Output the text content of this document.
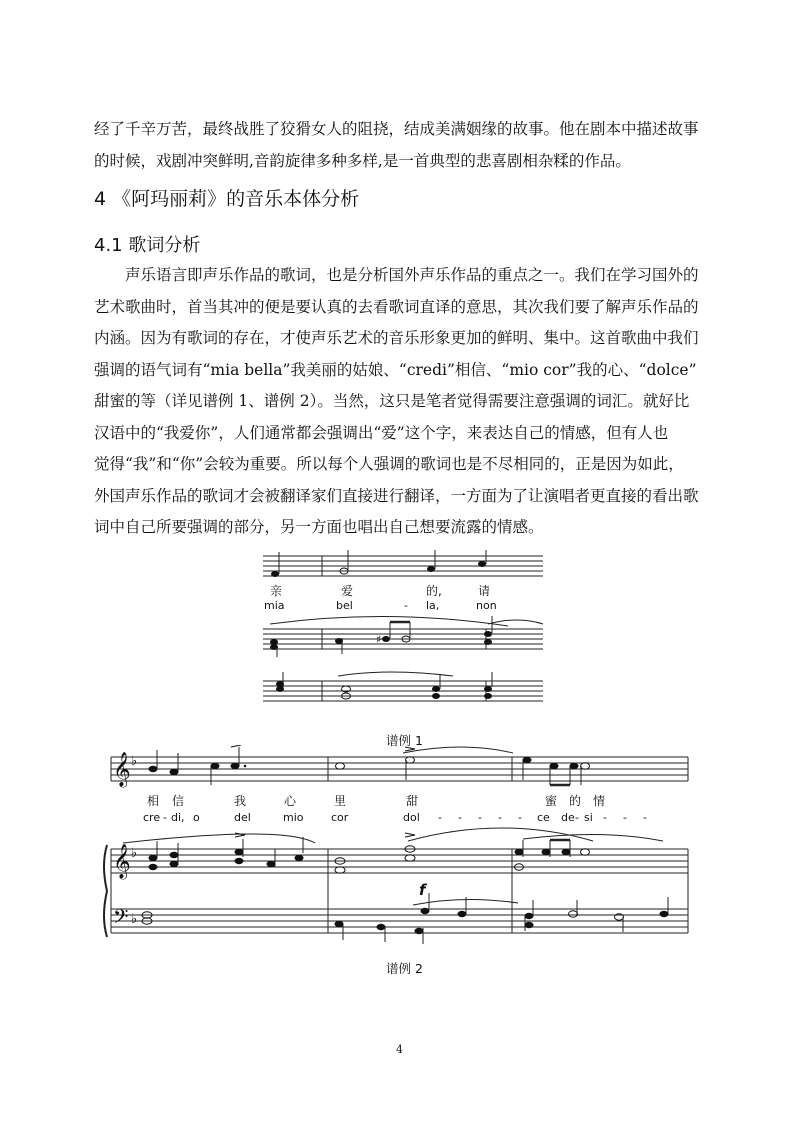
经了千辛万苦，最终战胜了狡猾女人的阻挠，结成美满姻缘的故事。他在剧本中描述故事
的时候，戏剧冲突鲜明,音韵旋律多种多样,是一首典型的悲喜剧相杂糅的作品。
4 《阿玛丽莉》的音乐本体分析
4.1 歌词分析
　　声乐语言即声乐作品的歌词，也是分析国外声乐作品的重点之一。我们在学习国外的
艺术歌曲时，首当其冲的便是要认真的去看歌词直译的意思，其次我们要了解声乐作品的
内涵。因为有歌词的存在，才使声乐艺术的音乐形象更加的鲜明、集中。这首歌曲中我们
强调的语气词有“mia bella”我美丽的姑娘、“credi”相信、“mio cor”我的心、“dolce”
甜蜜的等（详见谱例 1、谱例 2）。当然，这只是笔者觉得需要注意强调的词汇。就好比
汉语中的“我爱你”，人们通常都会强调出“爱”这个字，来表达自己的情感，但有人也
觉得“我”和“你”会较为重要。所以每个人强调的歌词也是不尽相同的，正是因为如此，
外国声乐作品的歌词才会被翻译家们直接进行翻译，一方面为了让演唱者更直接的看出歌
词中自己所要强调的部分，另一方面也唱出自己想要流露的情感。
♯
亲	爱	的,	请
mia	bel	- la,	non
谱例 1
𝄞
𝄞
𝄢
♭
♭
♭
f
相 信	我	心	里	甜	蜜 的 情
cre - di, o	del	mio cor	dol - - - - - ce de - si - - -
谱例 2
4
